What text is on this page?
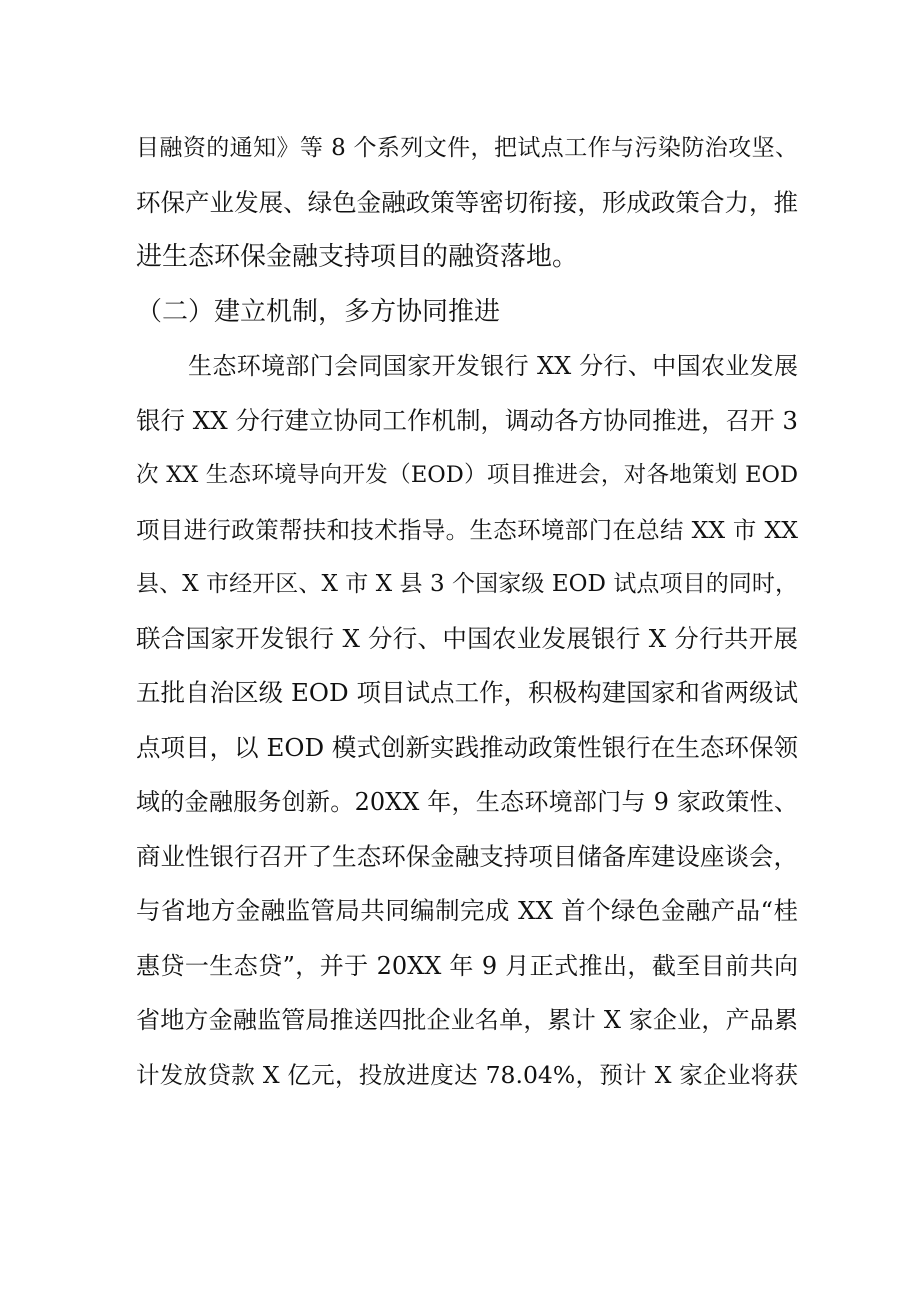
目融资的通知》等 8 个系列文件，把试点工作与污染防治攻坚、
环保产业发展、绿色金融政策等密切衔接，形成政策合力，推
进生态环保金融支持项目的融资落地。
（二）建立机制，多方协同推进
生态环境部门会同国家开发银行 XX 分行、中国农业发展
银行 XX 分行建立协同工作机制，调动各方协同推进，召开 3
次 XX 生态环境导向开发（EOD）项目推进会，对各地策划 EOD
项目进行政策帮扶和技术指导。生态环境部门在总结 XX 市 XX
县、X 市经开区、X 市 X 县 3 个国家级 EOD 试点项目的同时，
联合国家开发银行 X 分行、中国农业发展银行 X 分行共开展
五批自治区级 EOD 项目试点工作，积极构建国家和省两级试
点项目，以 EOD 模式创新实践推动政策性银行在生态环保领
域的金融服务创新。20XX 年，生态环境部门与 9 家政策性、
商业性银行召开了生态环保金融支持项目储备库建设座谈会，
与省地方金融监管局共同编制完成 XX 首个绿色金融产品“桂
惠贷一生态贷”，并于 20XX 年 9 月正式推出，截至目前共向
省地方金融监管局推送四批企业名单，累计 X 家企业，产品累
计发放贷款 X 亿元，投放进度达 78.04%，预计 X 家企业将获
